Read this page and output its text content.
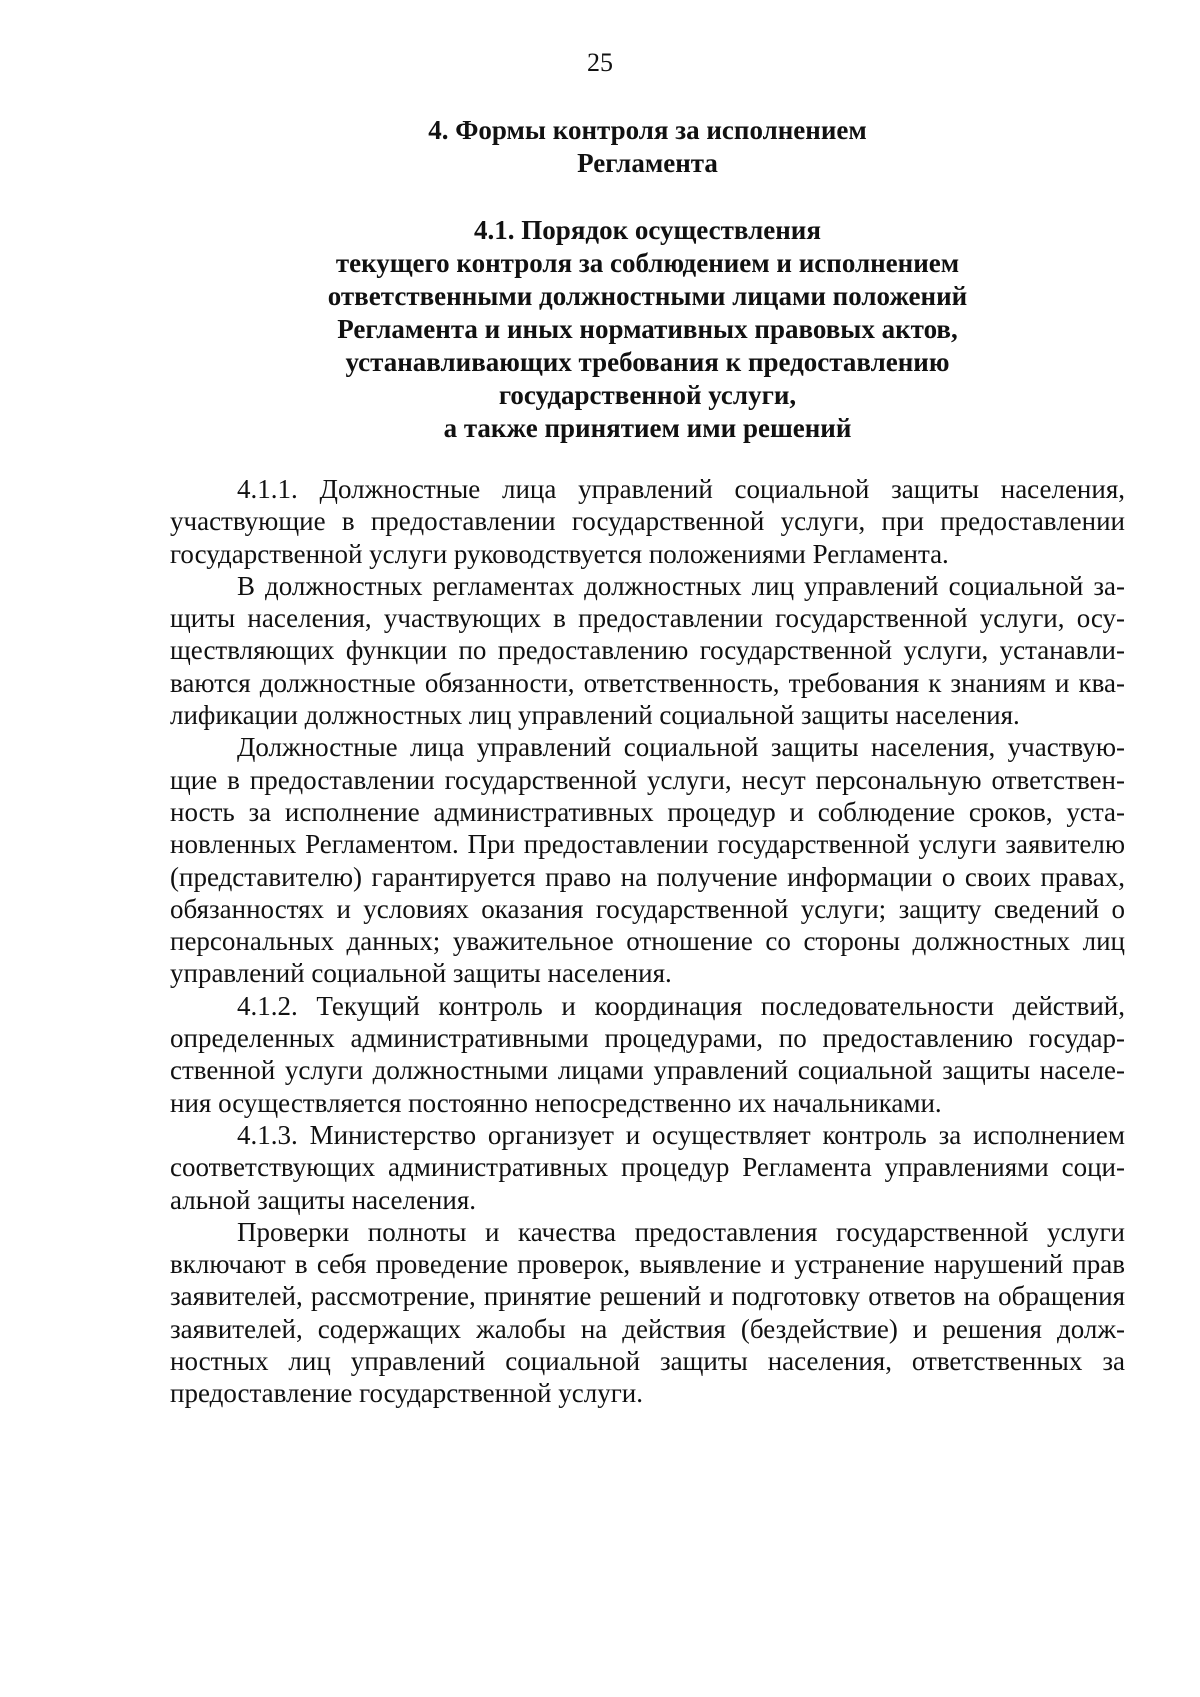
25
4. Формы контроля за исполнением
Регламента
4.1. Порядок осуществления
текущего контроля за соблюдением и исполнением
ответственными должностными лицами положений
Регламента и иных нормативных правовых актов,
устанавливающих требования к предоставлению
государственной услуги,
а также принятием ими решений

4.1.1. Должностные лица управлений социальной защиты населения, участвующие в предоставлении государственной услуги, при предоставлении государственной услуги руководствуется положениями Регламента.

В должностных регламентах должностных лиц управлений социальной защиты населения, участвующих в предоставлении государственной услуги, осуществляющих функции по предоставлению государственной услуги, устанавливаются должностные обязанности, ответственность, требования к знаниям и квалификации должностных лиц управлений социальной защиты населения.

Должностные лица управлений социальной защиты населения, участвующие в предоставлении государственной услуги, несут персональную ответственность за исполнение административных процедур и соблюдение сроков, установленных Регламентом. При предоставлении государственной услуги заявителю (представителю) гарантируется право на получение информации о своих правах, обязанностях и условиях оказания государственной услуги; защиту сведений о персональных данных; уважительное отношение со стороны должностных лиц управлений социальной защиты населения.

4.1.2. Текущий контроль и координация последовательности действий, определенных административными процедурами, по предоставлению государственной услуги должностными лицами управлений социальной защиты населения осуществляется постоянно непосредственно их начальниками.

4.1.3. Министерство организует и осуществляет контроль за исполнением соответствующих административных процедур Регламента управлениями социальной защиты населения.

Проверки полноты и качества предоставления государственной услуги включают в себя проведение проверок, выявление и устранение нарушений прав заявителей, рассмотрение, принятие решений и подготовку ответов на обращения заявителей, содержащих жалобы на действия (бездействие) и решения должностных лиц управлений социальной защиты населения, ответственных за предоставление государственной услуги.
